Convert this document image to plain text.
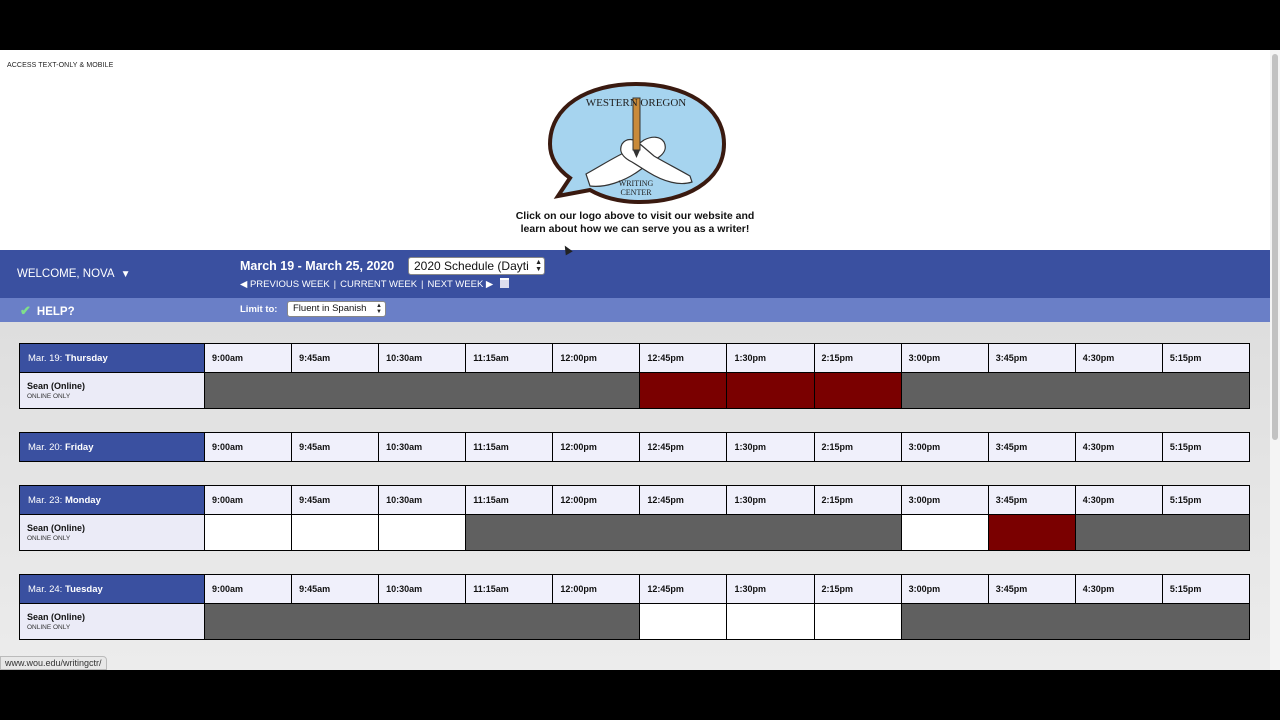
ACCESS TEXT-ONLY & MOBILE
WESTERN OREGON
WRITING
CENTER
Click on our logo above to visit our website and
learn about how we can serve you as a writer!
WELCOME, NOVA ▼
March 19 - March 25, 2020	2020 Schedule (Dayti ▲
▼
◀ PREVIOUS WEEK | CURRENT WEEK | NEXT WEEK ▶
✔ HELP?	Limit to:	Fluent in Spanish ▲
▼
Mar. 19: Thursday	9:00am	9:45am	10:30am	11:15am	12:00pm	12:45pm	1:30pm	2:15pm	3:00pm	3:45pm	4:30pm	5:15pm

Sean (Online)
ONLINE ONLY												

Mar. 20: Friday	9:00am	9:45am	10:30am	11:15am	12:00pm	12:45pm	1:30pm	2:15pm	3:00pm	3:45pm	4:30pm	5:15pm
Mar. 23: Monday	9:00am	9:45am	10:30am	11:15am	12:00pm	12:45pm	1:30pm	2:15pm	3:00pm	3:45pm	4:30pm	5:15pm

Sean (Online)
ONLINE ONLY												

Mar. 24: Tuesday	9:00am	9:45am	10:30am	11:15am	12:00pm	12:45pm	1:30pm	2:15pm	3:00pm	3:45pm	4:30pm	5:15pm

Sean (Online)
ONLINE ONLY												

www.wou.edu/writingctr/
